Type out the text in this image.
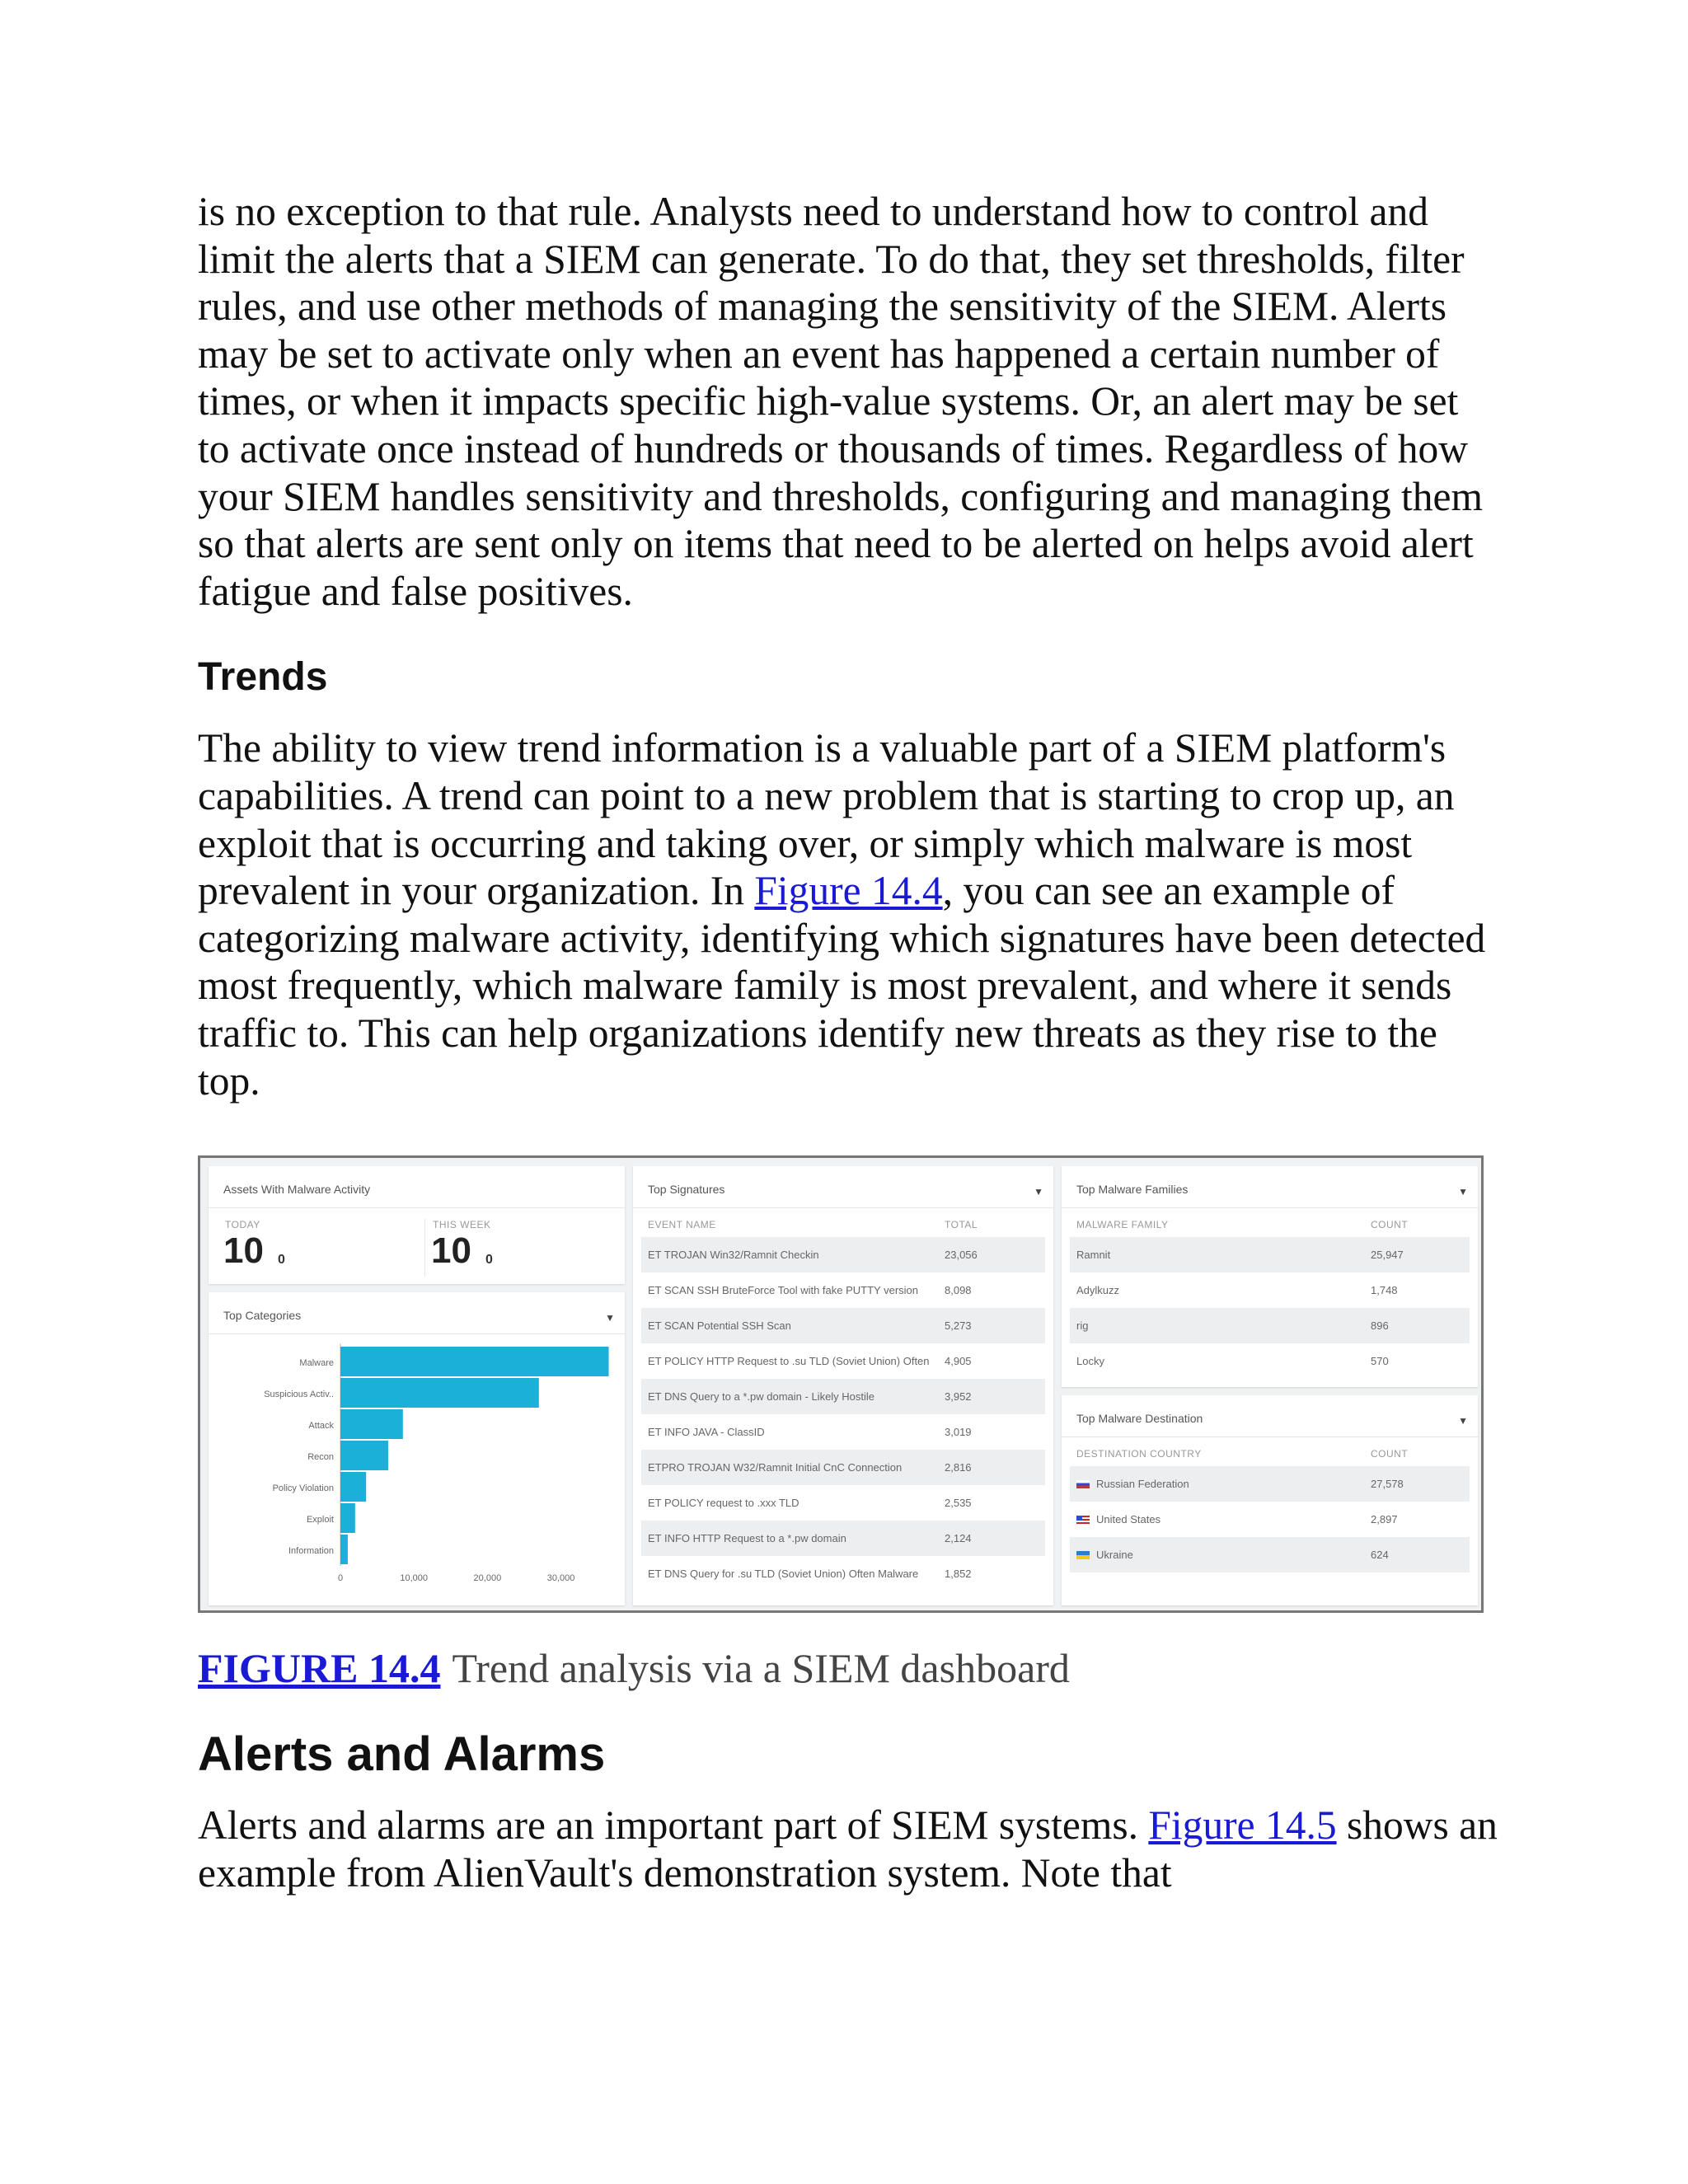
is no exception to that rule. Analysts need to understand how to control and limit the alerts that a SIEM can generate. To do that, they set thresholds, filter rules, and use other methods of managing the sensitivity of the SIEM. Alerts may be set to activate only when an event has happened a certain number of times, or when it impacts specific high-value systems. Or, an alert may be set to activate once instead of hundreds or thousands of times. Regardless of how your SIEM handles sensitivity and thresholds, configuring and managing them so that alerts are sent only on items that need to be alerted on helps avoid alert fatigue and false positives.

Trends

The ability to view trend information is a valuable part of a SIEM platform's capabilities. A trend can point to a new problem that is starting to crop up, an exploit that is occurring and taking over, or simply which malware is most prevalent in your organization. In Figure 14.4, you can see an example of categorizing malware activity, identifying which signatures have been detected most frequently, which malware family is most prevalent, and where it sends traffic to. This can help organizations identify new threats as they rise to the top.

Assets With Malware Activity
TODAY
10 0
THIS WEEK
10 0
Top Categories	▼
Malware
Suspicious Activ..
Attack
Recon
Policy Violation
Exploit
Information
0	10,000	20,000	30,000
Top Signatures	▼
EVENT NAME	TOTAL
ET TROJAN Win32/Ramnit Checkin	23,056
ET SCAN SSH BruteForce Tool with fake PUTTY version	8,098
ET SCAN Potential SSH Scan	5,273
ET POLICY HTTP Request to .su TLD (Soviet Union) Often	4,905
ET DNS Query to a *.pw domain - Likely Hostile	3,952
ET INFO JAVA - ClassID	3,019
ETPRO TROJAN W32/Ramnit Initial CnC Connection	2,816
ET POLICY request to .xxx TLD	2,535
ET INFO HTTP Request to a *.pw domain	2,124
ET DNS Query for .su TLD (Soviet Union) Often Malware	1,852
Top Malware Families	▼
MALWARE FAMILY	COUNT
Ramnit	25,947
Adylkuzz	1,748
rig	896
Locky	570
Top Malware Destination	▼
DESTINATION COUNTRY	COUNT
Russian Federation	27,578
United States	2,897
Ukraine	624
FIGURE 14.4 Trend analysis via a SIEM dashboard
Alerts and Alarms

Alerts and alarms are an important part of SIEM systems. Figure 14.5 shows an example from AlienVault's demonstration system. Note that
